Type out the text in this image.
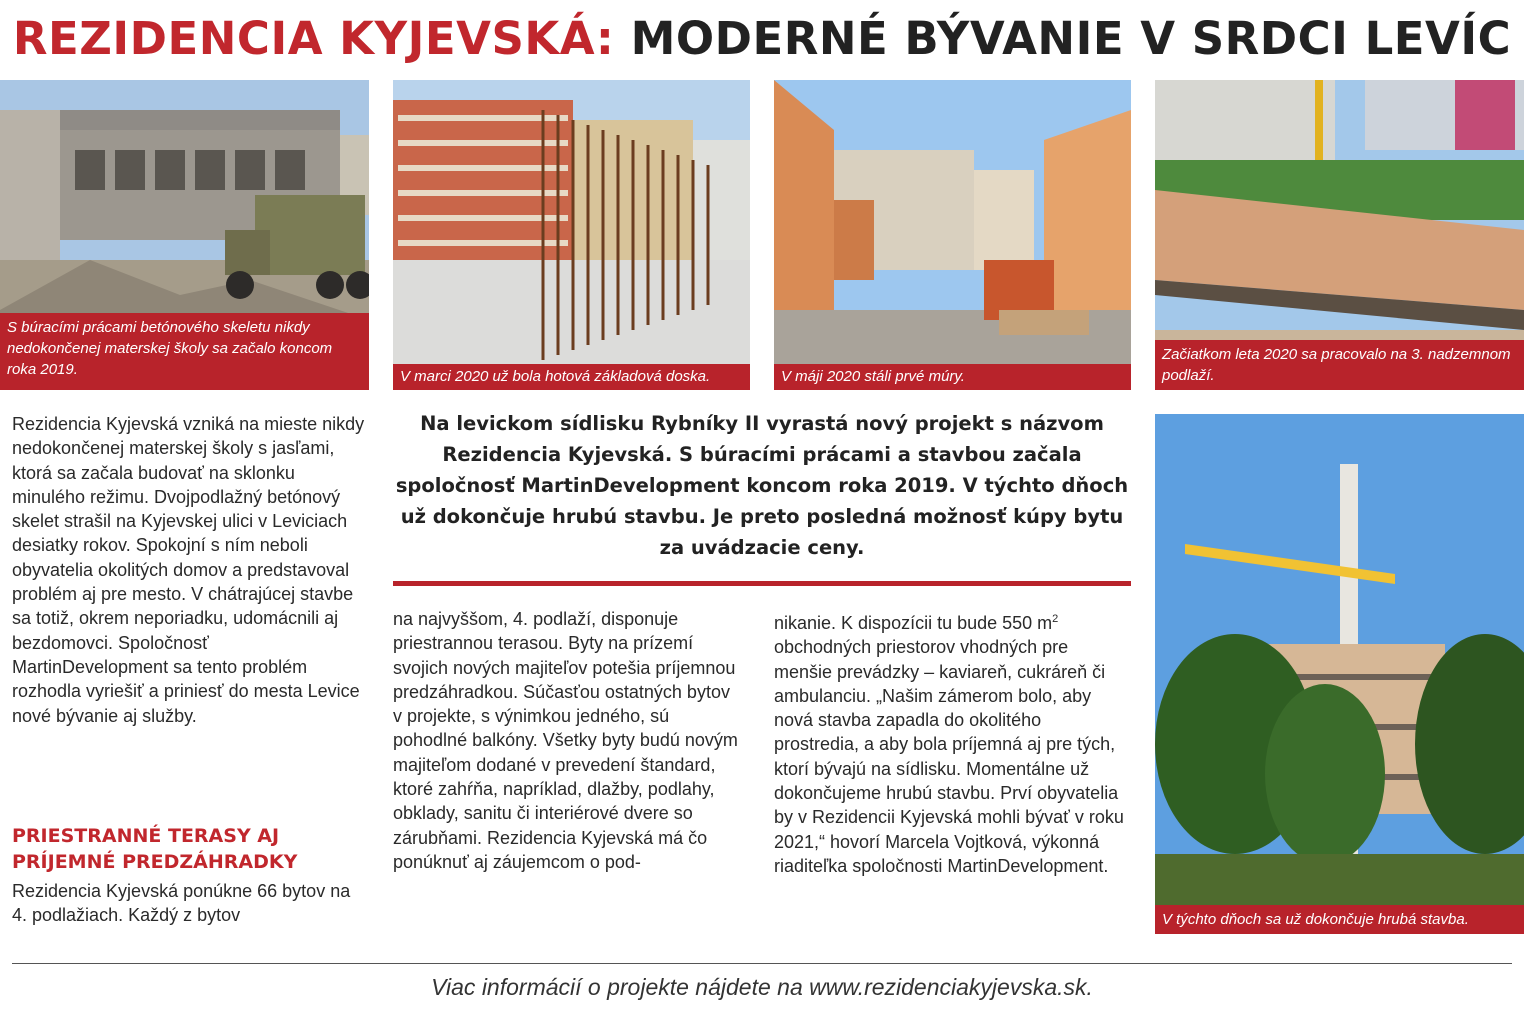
REZIDENCIA KYJEVSKÁ: MODERNÉ BÝVANIE V SRDCI LEVÍC
S búracími prácami betónového skeletu nikdy nedokončenej materskej školy sa začalo koncom roka 2019.	V marci 2020 už bola hotová základová doska.	V máji 2020 stáli prvé múry.
Začiatkom leta 2020 sa pracovalo na 3. nadzemnom podlaží.
V týchto dňoch sa už dokončuje hrubá stavba.
Na levickom sídlisku Rybníky II vyrastá nový projekt s názvom Rezidencia Kyjevská. S búracími prácami a stavbou začala spoločnosť MartinDevelopment koncom roka 2019. V týchto dňoch už dokončuje hrubú stavbu. Je preto posledná možnosť kúpy bytu za uvádzacie ceny.

Rezidencia Kyjevská vzniká na mieste nikdy nedokončenej materskej školy s jasľami, ktorá sa začala budovať na sklonku minulého režimu. Dvojpodlažný betónový skelet strašil na Kyjevskej ulici v Leviciach desiatky rokov. Spokojní s ním neboli obyvatelia okolitých domov a predstavoval problém aj pre mesto. V chátrajúcej stavbe sa totiž, okrem neporiadku, udomácnili aj bezdomovci. Spoločnosť MartinDevelopment sa tento problém rozhodla vyriešiť a priniesť do mesta Levice nové bývanie aj služby.

PRIESTRANNÉ TERASY AJ PRÍJEMNÉ PREDZÁHRADKY

Rezidencia Kyjevská ponúkne 66 bytov na 4. podlažiach. Každý z bytov

na najvyššom, 4. podlaží, disponuje priestrannou terasou. Byty na prízemí svojich nových majiteľov potešia príjemnou predzáhradkou. Súčasťou ostatných bytov v projekte, s výnimkou jedného, sú pohodlné balkóny. Všetky byty budú novým majiteľom dodané v prevedení štandard, ktoré zahŕňa, napríklad, dlažby, podlahy, obklady, sanitu či interiérové dvere so zárubňami. Rezidencia Kyjevská má čo ponúknuť aj záujemcom o pod-

nikanie. K dispozícii tu bude 550 $m^2$ obchodných priestorov vhodných pre menšie prevádzky – kaviareň, cukráreň či ambulanciu. „Našim zámerom bolo, aby nová stavba zapadla do okolitého prostredia, a aby bola príjemná aj pre tých, ktorí bývajú na sídlisku. Momentálne už dokončujeme hrubú stavbu. Prví obyvatelia by v Rezidencii Kyjevská mohli bývať v roku 2021,“ hovorí Marcela Vojtková, výkonná riaditeľka spoločnosti MartinDevelopment.

Viac informácií o projekte nájdete na www.rezidenciakyjevska.sk.
